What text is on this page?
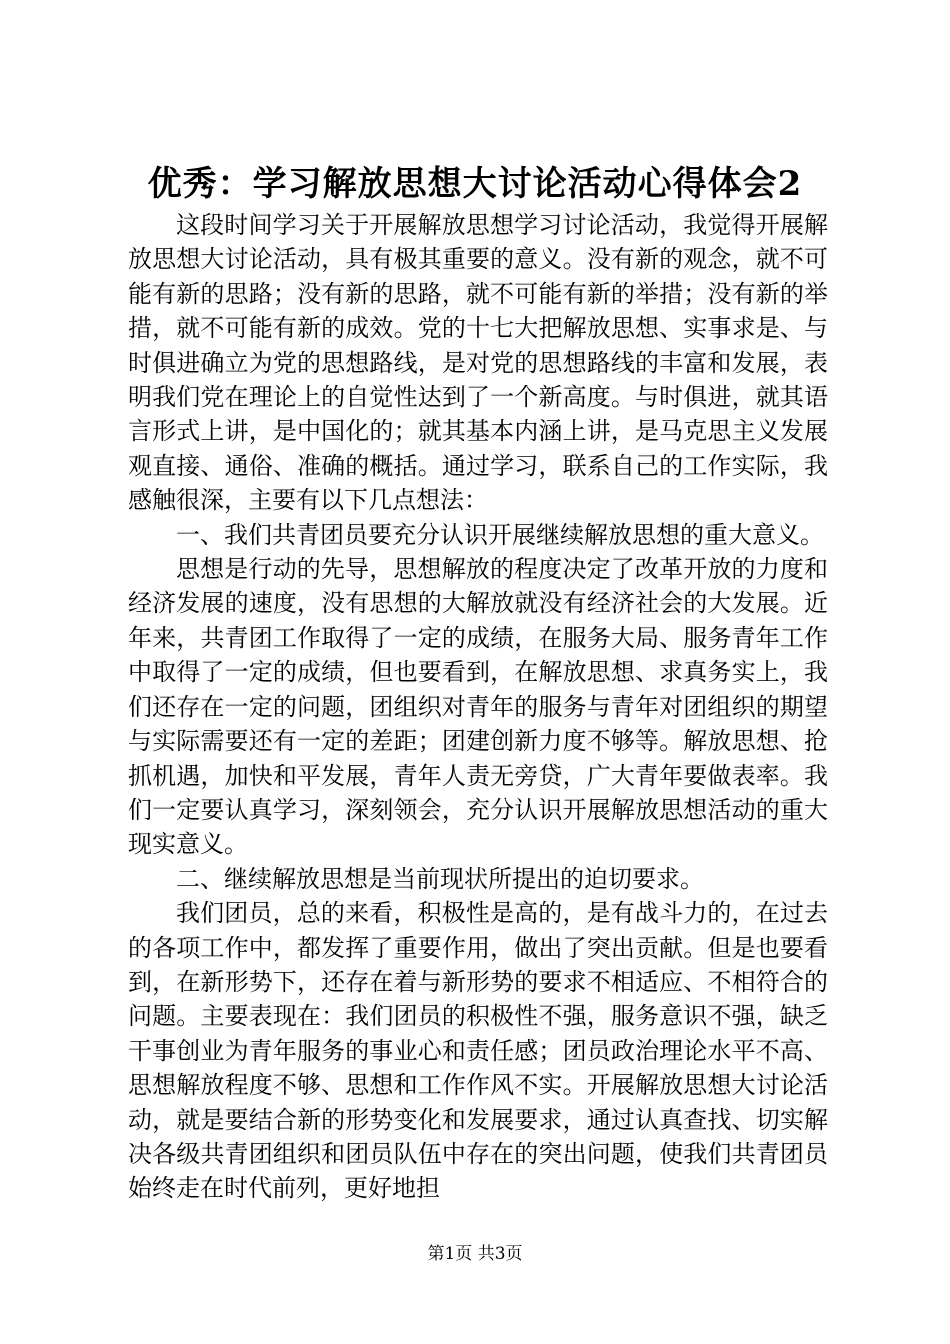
优秀：学习解放思想大讨论活动心得体会2

这段时间学习关于开展解放思想学习讨论活动，我觉得开展解放思想大讨论活动，具有极其重要的意义。没有新的观念，就不可能有新的思路；没有新的思路，就不可能有新的举措；没有新的举措，就不可能有新的成效。党的十七大把解放思想、实事求是、与时俱进确立为党的思想路线，是对党的思想路线的丰富和发展，表明我们党在理论上的自觉性达到了一个新高度。与时俱进，就其语言形式上讲，是中国化的；就其基本内涵上讲，是马克思主义发展观直接、通俗、准确的概括。通过学习，联系自己的工作实际，我感触很深，主要有以下几点想法：

一、我们共青团员要充分认识开展继续解放思想的重大意义。

思想是行动的先导，思想解放的程度决定了改革开放的力度和经济发展的速度，没有思想的大解放就没有经济社会的大发展。近年来，共青团工作取得了一定的成绩，在服务大局、服务青年工作中取得了一定的成绩，但也要看到，在解放思想、求真务实上，我们还存在一定的问题，团组织对青年的服务与青年对团组织的期望与实际需要还有一定的差距；团建创新力度不够等。解放思想、抢抓机遇，加快和平发展，青年人责无旁贷，广大青年要做表率。我们一定要认真学习，深刻领会，充分认识开展解放思想活动的重大现实意义。

二、继续解放思想是当前现状所提出的迫切要求。

我们团员，总的来看，积极性是高的，是有战斗力的，在过去的各项工作中，都发挥了重要作用，做出了突出贡献。但是也要看到，在新形势下，还存在着与新形势的要求不相适应、不相符合的问题。主要表现在：我们团员的积极性不强，服务意识不强，缺乏干事创业为青年服务的事业心和责任感；团员政治理论水平不高、思想解放程度不够、思想和工作作风不实。开展解放思想大讨论活动，就是要结合新的形势变化和发展要求，通过认真查找、切实解决各级共青团组织和团员队伍中存在的突出问题，使我们共青团员始终走在时代前列，更好地担

第1页 共3页
